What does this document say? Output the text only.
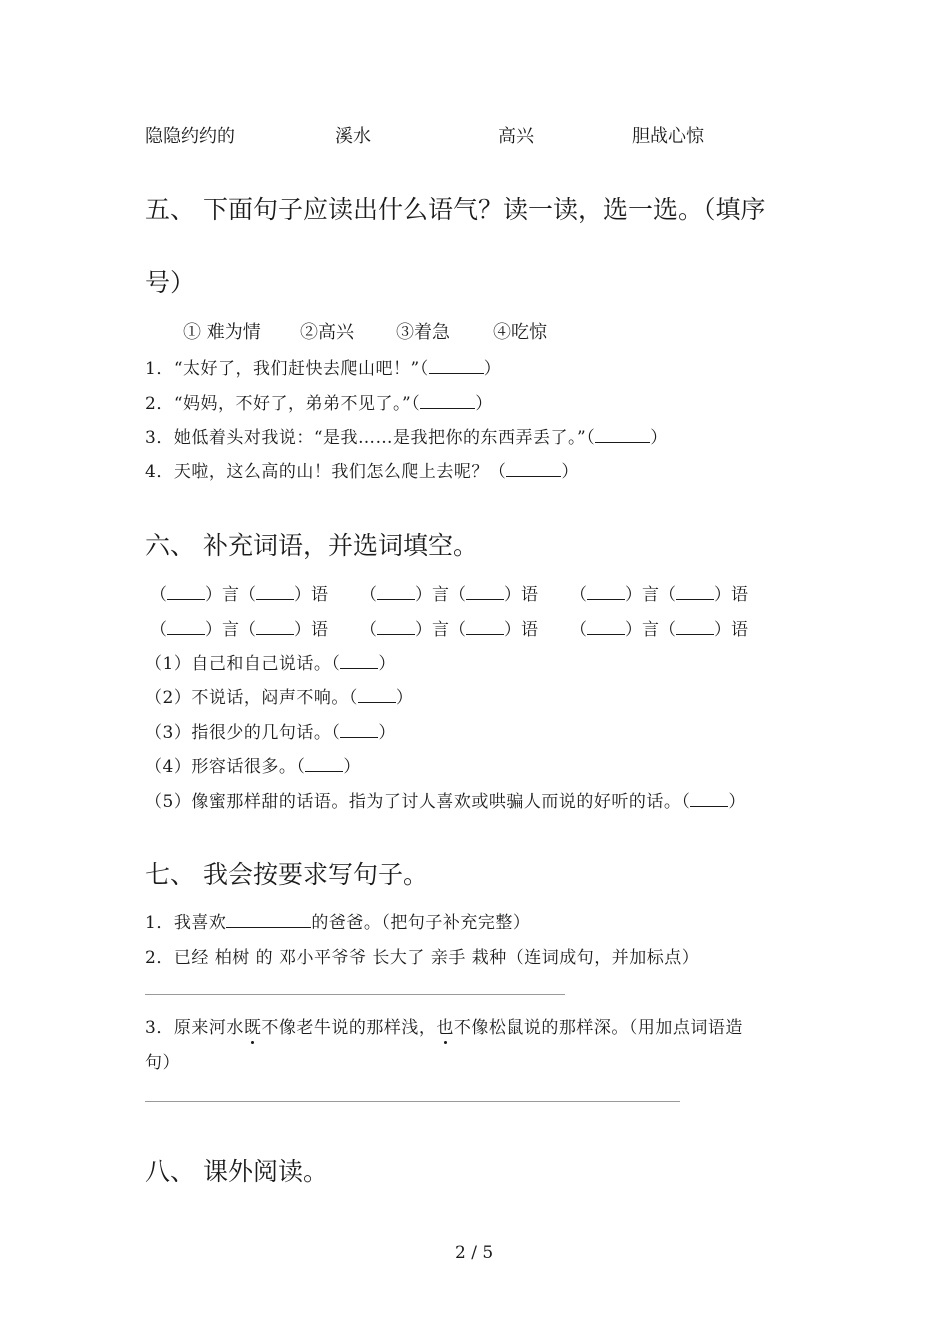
隐隐约约的	溪水	高兴	胆战心惊
五、 下面句子应读出什么语气？读一读，选一选。（填序
号）
① 难为情 ②高兴 ③着急 ④吃惊
1．“太好了，我们赶快去爬山吧！”（	）
2．“妈妈，不好了，弟弟不见了。”（	）
3．她低着头对我说：“是我……是我把你的东西弄丢了。”（	）
4．天啦，这么高的山！我们怎么爬上去呢？（	）
六、 补充词语，并选词填空。
（ ）言（ ）语 （ ）言（ ）语 （ ）言（ ）语
（ ）言（ ）语 （ ）言（ ）语 （ ）言（ ）语
（1）自己和自己说话。（ ）
（2）不说话，闷声不响。（ ）
（3）指很少的几句话。（ ）
（4）形容话很多。（ ）
（5）像蜜那样甜的话语。指为了讨人喜欢或哄骗人而说的好听的话。（ ）
七、 我会按要求写句子。
1．我喜欢	的爸爸。（把句子补充完整）
2．已经 柏树 的 邓小平爷爷 长大了 亲手 栽种（连词成句，并加标点）
3．原来河水既不像老牛说的那样浅，也不像松鼠说的那样深。（用加点词语造
句）
八、 课外阅读。
2 / 5
